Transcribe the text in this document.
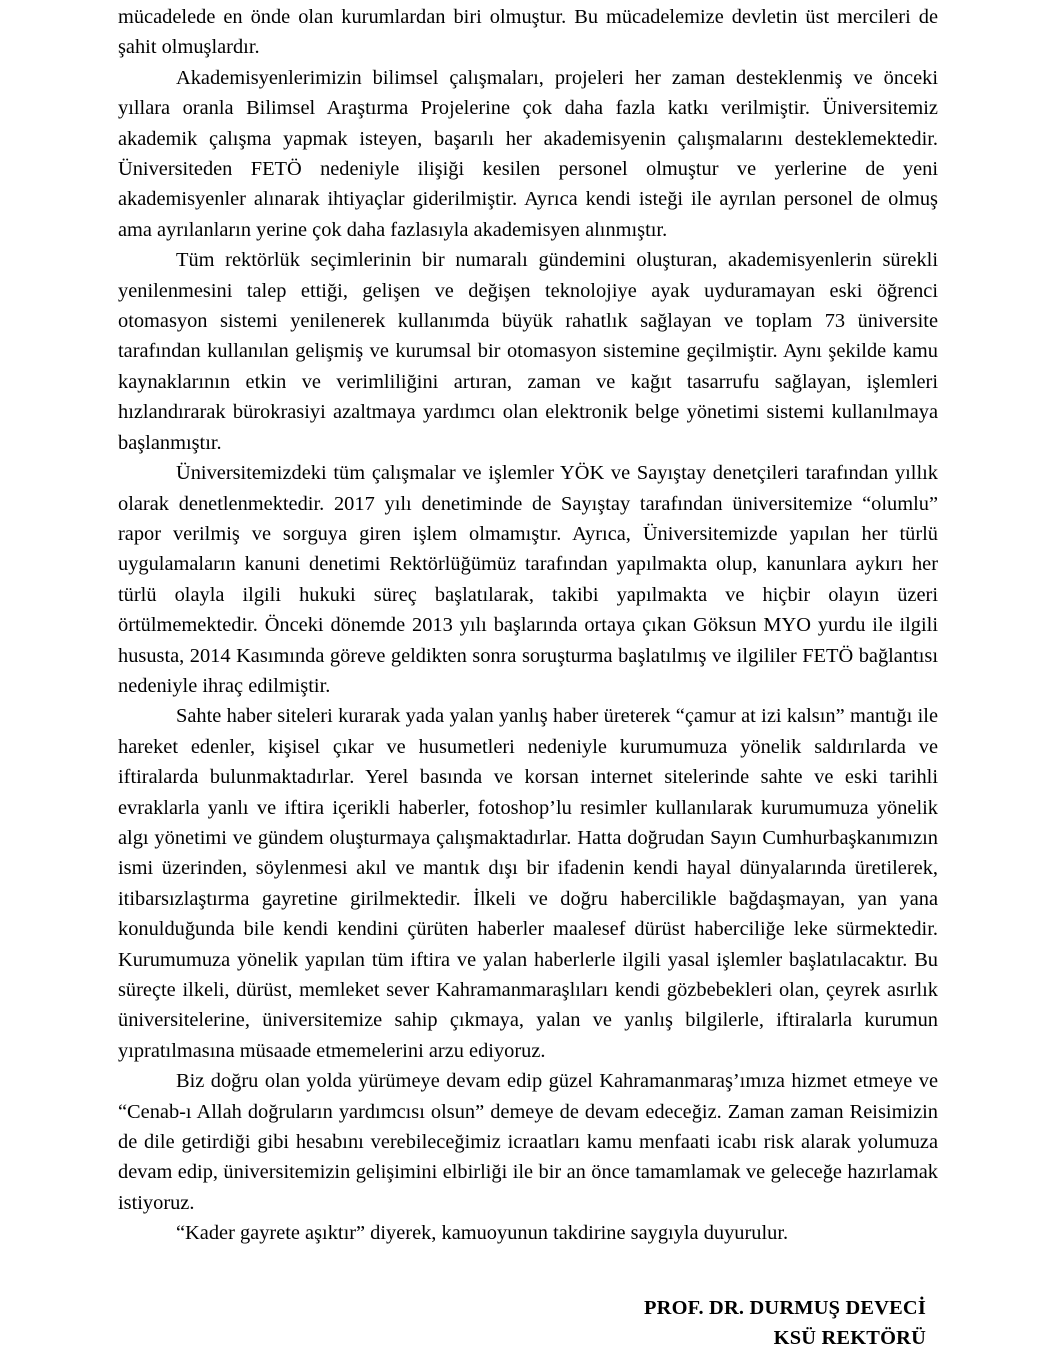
mücadelede en önde olan kurumlardan biri olmuştur. Bu mücadelemize devletin üst mercileri de şahit olmuşlardır.

Akademisyenlerimizin bilimsel çalışmaları, projeleri her zaman desteklenmiş ve önceki yıllara oranla Bilimsel Araştırma Projelerine çok daha fazla katkı verilmiştir. Üniversitemiz akademik çalışma yapmak isteyen, başarılı her akademisyenin çalışmalarını desteklemektedir. Üniversiteden FETÖ nedeniyle ilişiği kesilen personel olmuştur ve yerlerine de yeni akademisyenler alınarak ihtiyaçlar giderilmiştir. Ayrıca kendi isteği ile ayrılan personel de olmuş ama ayrılanların yerine çok daha fazlasıyla akademisyen alınmıştır.

Tüm rektörlük seçimlerinin bir numaralı gündemini oluşturan, akademisyenlerin sürekli yenilenmesini talep ettiği, gelişen ve değişen teknolojiye ayak uyduramayan eski öğrenci otomasyon sistemi yenilenerek kullanımda büyük rahatlık sağlayan ve toplam 73 üniversite tarafından kullanılan gelişmiş ve kurumsal bir otomasyon sistemine geçilmiştir. Aynı şekilde kamu kaynaklarının etkin ve verimliliğini artıran, zaman ve kağıt tasarrufu sağlayan, işlemleri hızlandırarak bürokrasiyi azaltmaya yardımcı olan elektronik belge yönetimi sistemi kullanılmaya başlanmıştır.

Üniversitemizdeki tüm çalışmalar ve işlemler YÖK ve Sayıştay denetçileri tarafından yıllık olarak denetlenmektedir. 2017 yılı denetiminde de Sayıştay tarafından üniversitemize “olumlu” rapor verilmiş ve sorguya giren işlem olmamıştır. Ayrıca, Üniversitemizde yapılan her türlü uygulamaların kanuni denetimi Rektörlüğümüz tarafından yapılmakta olup, kanunlara aykırı her türlü olayla ilgili hukuki süreç başlatılarak, takibi yapılmakta ve hiçbir olayın üzeri örtülmemektedir. Önceki dönemde 2013 yılı başlarında ortaya çıkan Göksun MYO yurdu ile ilgili hususta, 2014 Kasımında göreve geldikten sonra soruşturma başlatılmış ve ilgililer FETÖ bağlantısı nedeniyle ihraç edilmiştir.

Sahte haber siteleri kurarak yada yalan yanlış haber üreterek “çamur at izi kalsın” mantığı ile hareket edenler, kişisel çıkar ve husumetleri nedeniyle kurumumuza yönelik saldırılarda ve iftiralarda bulunmaktadırlar. Yerel basında ve korsan internet sitelerinde sahte ve eski tarihli evraklarla yanlı ve iftira içerikli haberler, fotoshop’lu resimler kullanılarak kurumumuza yönelik algı yönetimi ve gündem oluşturmaya çalışmaktadırlar. Hatta doğrudan Sayın Cumhurbaşkanımızın ismi üzerinden, söylenmesi akıl ve mantık dışı bir ifadenin kendi hayal dünyalarında üretilerek, itibarsızlaştırma gayretine girilmektedir. İlkeli ve doğru habercilikle bağdaşmayan, yan yana konulduğunda bile kendi kendini çürüten haberler maalesef dürüst haberciliğe leke sürmektedir. Kurumumuza yönelik yapılan tüm iftira ve yalan haberlerle ilgili yasal işlemler başlatılacaktır. Bu süreçte ilkeli, dürüst, memleket sever Kahramanmaraşlıları kendi gözbebekleri olan, çeyrek asırlık üniversitelerine, üniversitemize sahip çıkmaya, yalan ve yanlış bilgilerle, iftiralarla kurumun yıpratılmasına müsaade etmemelerini arzu ediyoruz.

Biz doğru olan yolda yürümeye devam edip güzel Kahramanmaraş’ımıza hizmet etmeye ve “Cenab-ı Allah doğruların yardımcısı olsun” demeye de devam edeceğiz. Zaman zaman Reisimizin de dile getirdiği gibi hesabını verebileceğimiz icraatları kamu menfaati icabı risk alarak yolumuza devam edip, üniversitemizin gelişimini elbirliği ile bir an önce tamamlamak ve geleceğe hazırlamak istiyoruz.

“Kader gayrete aşıktır” diyerek, kamuoyunun takdirine saygıyla duyurulur.

PROF. DR. DURMUŞ DEVECİ
KSÜ REKTÖRÜ
